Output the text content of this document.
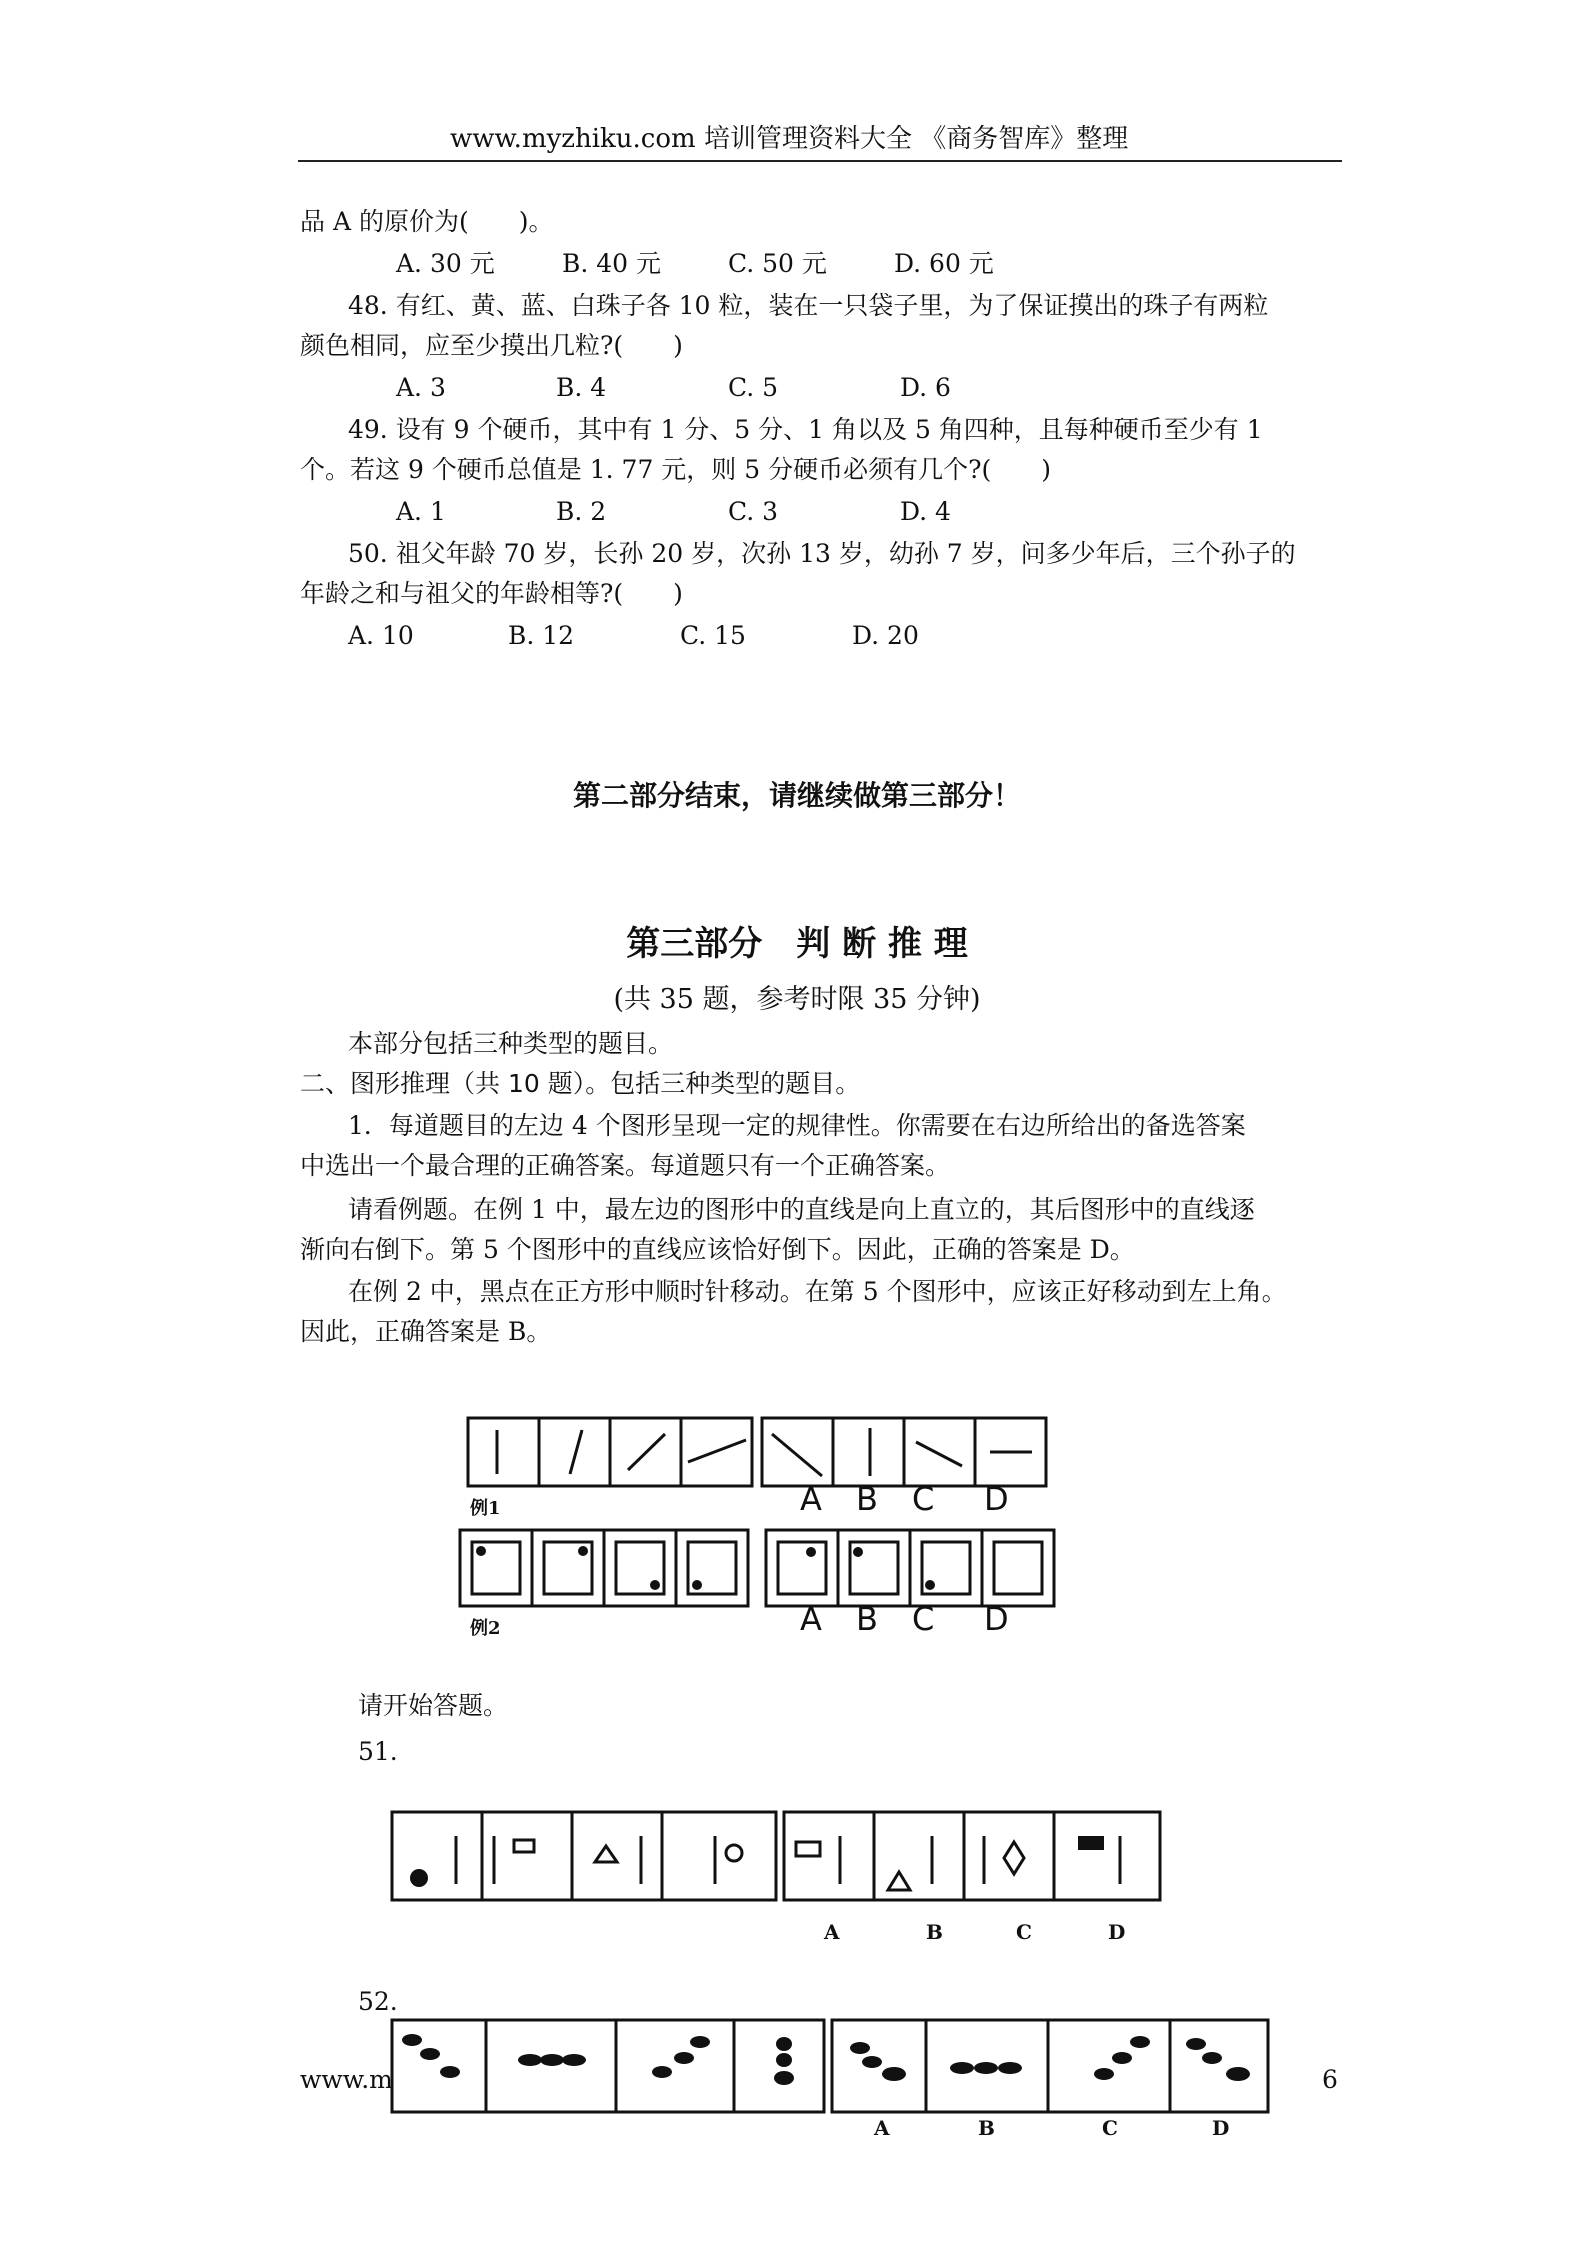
www.myzhiku.com 培训管理资料大全 《商务智库》整理
品 A 的原价为(　　)。
A. 30 元	B. 40 元	C. 50 元	D. 60 元
48. 有红、黄、蓝、白珠子各 10 粒，装在一只袋子里，为了保证摸出的珠子有两粒
颜色相同，应至少摸出几粒?(　　)
A. 3	B. 4	C. 5	D. 6
49. 设有 9 个硬币，其中有 1 分、5 分、1 角以及 5 角四种，且每种硬币至少有 1
个。若这 9 个硬币总值是 1. 77 元，则 5 分硬币必须有几个?(　　)
A. 1	B. 2	C. 3	D. 4
50. 祖父年龄 70 岁，长孙 20 岁，次孙 13 岁，幼孙 7 岁，问多少年后，三个孙子的
年龄之和与祖父的年龄相等?(　　)
A. 10	B. 12	C. 15	D. 20
第二部分结束，请继续做第三部分！
第三部分　判 断 推 理
(共 35 题，参考时限 35 分钟)
本部分包括三种类型的题目。
二、图形推理（共 10 题）。包括三种类型的题目。
1．每道题目的左边 4 个图形呈现一定的规律性。你需要在右边所给出的备选答案
中选出一个最合理的正确答案。每道题只有一个正确答案。
请看例题。在例 1 中，最左边的图形中的直线是向上直立的，其后图形中的直线逐
渐向右倒下。第 5 个图形中的直线应该恰好倒下。因此，正确的答案是 D。
在例 2 中，黑点在正方形中顺时针移动。在第 5 个图形中，应该正好移动到左上角。
因此，正确答案是 B。
例1	A B C D
例2	A B C D
A	B	C	D
A	B	C	D
请开始答题。
51.
52.
www.m	6
